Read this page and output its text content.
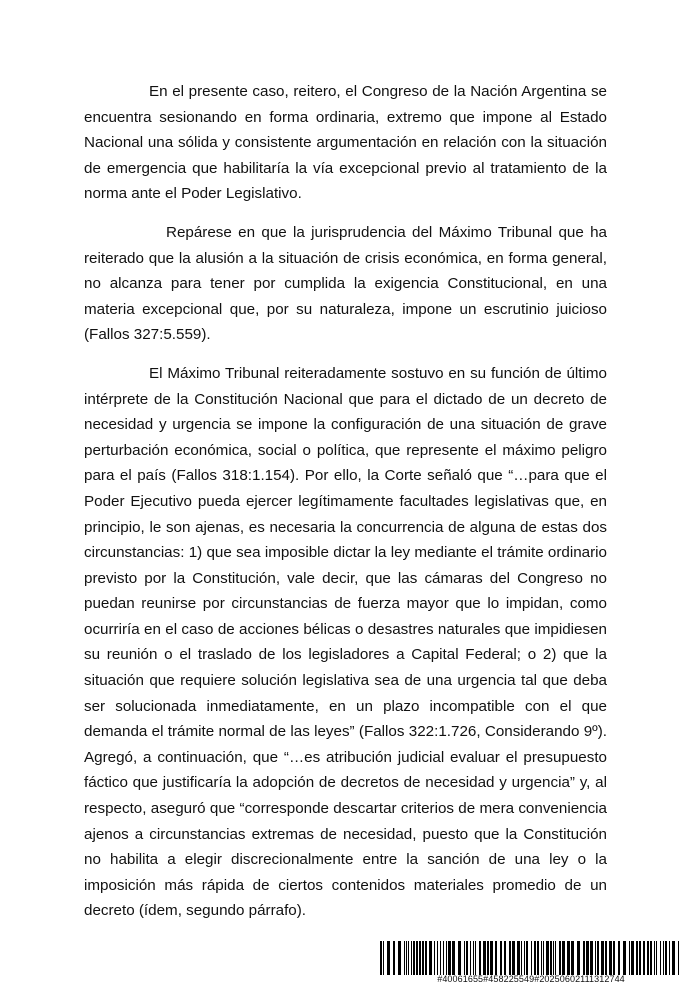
En el presente caso, reitero, el Congreso de la Nación Argentina se encuentra sesionando en forma ordinaria, extremo que impone al Estado Nacional una sólida y consistente argumentación en relación con la situación de emergencia que habilitaría la vía excepcional previo al tratamiento de la norma ante el Poder Legislativo.

Repárese en que la jurisprudencia del Máximo Tribunal que ha reiterado que la alusión a la situación de crisis económica, en forma general, no alcanza para tener por cumplida la exigencia Constitucional, en una materia excepcional que, por su naturaleza, impone un escrutinio juicioso (Fallos 327:5.559).

El Máximo Tribunal reiteradamente sostuvo en su función de último intérprete de la Constitución Nacional que para el dictado de un decreto de necesidad y urgencia se impone la configuración de una situación de grave perturbación económica, social o política, que represente el máximo peligro para el país (Fallos 318:1.154). Por ello, la Corte señaló que “…para que el Poder Ejecutivo pueda ejercer legítimamente facultades legislativas que, en principio, le son ajenas, es necesaria la concurrencia de alguna de estas dos circunstancias: 1) que sea imposible dictar la ley mediante el trámite ordinario previsto por la Constitución, vale decir, que las cámaras del Congreso no puedan reunirse por circunstancias de fuerza mayor que lo impidan, como ocurriría en el caso de acciones bélicas o desastres naturales que impidiesen su reunión o el traslado de los legisladores a Capital Federal; o 2) que la situación que requiere solución legislativa sea de una urgencia tal que deba ser solucionada inmediatamente, en un plazo incompatible con el que demanda el trámite normal de las leyes” (Fallos 322:1.726, Considerando 9º). Agregó, a continuación, que “…es atribución judicial evaluar el presupuesto fáctico que justificaría la adopción de decretos de necesidad y urgencia” y, al respecto, aseguró que “corresponde descartar criterios de mera conveniencia ajenos a circunstancias extremas de necesidad, puesto que la Constitución no habilita a elegir discrecionalmente entre la sanción de una ley o la imposición más rápida de ciertos contenidos materiales promedio de un decreto (ídem, segundo párrafo).

#40061655#458225549#20250602111312744
